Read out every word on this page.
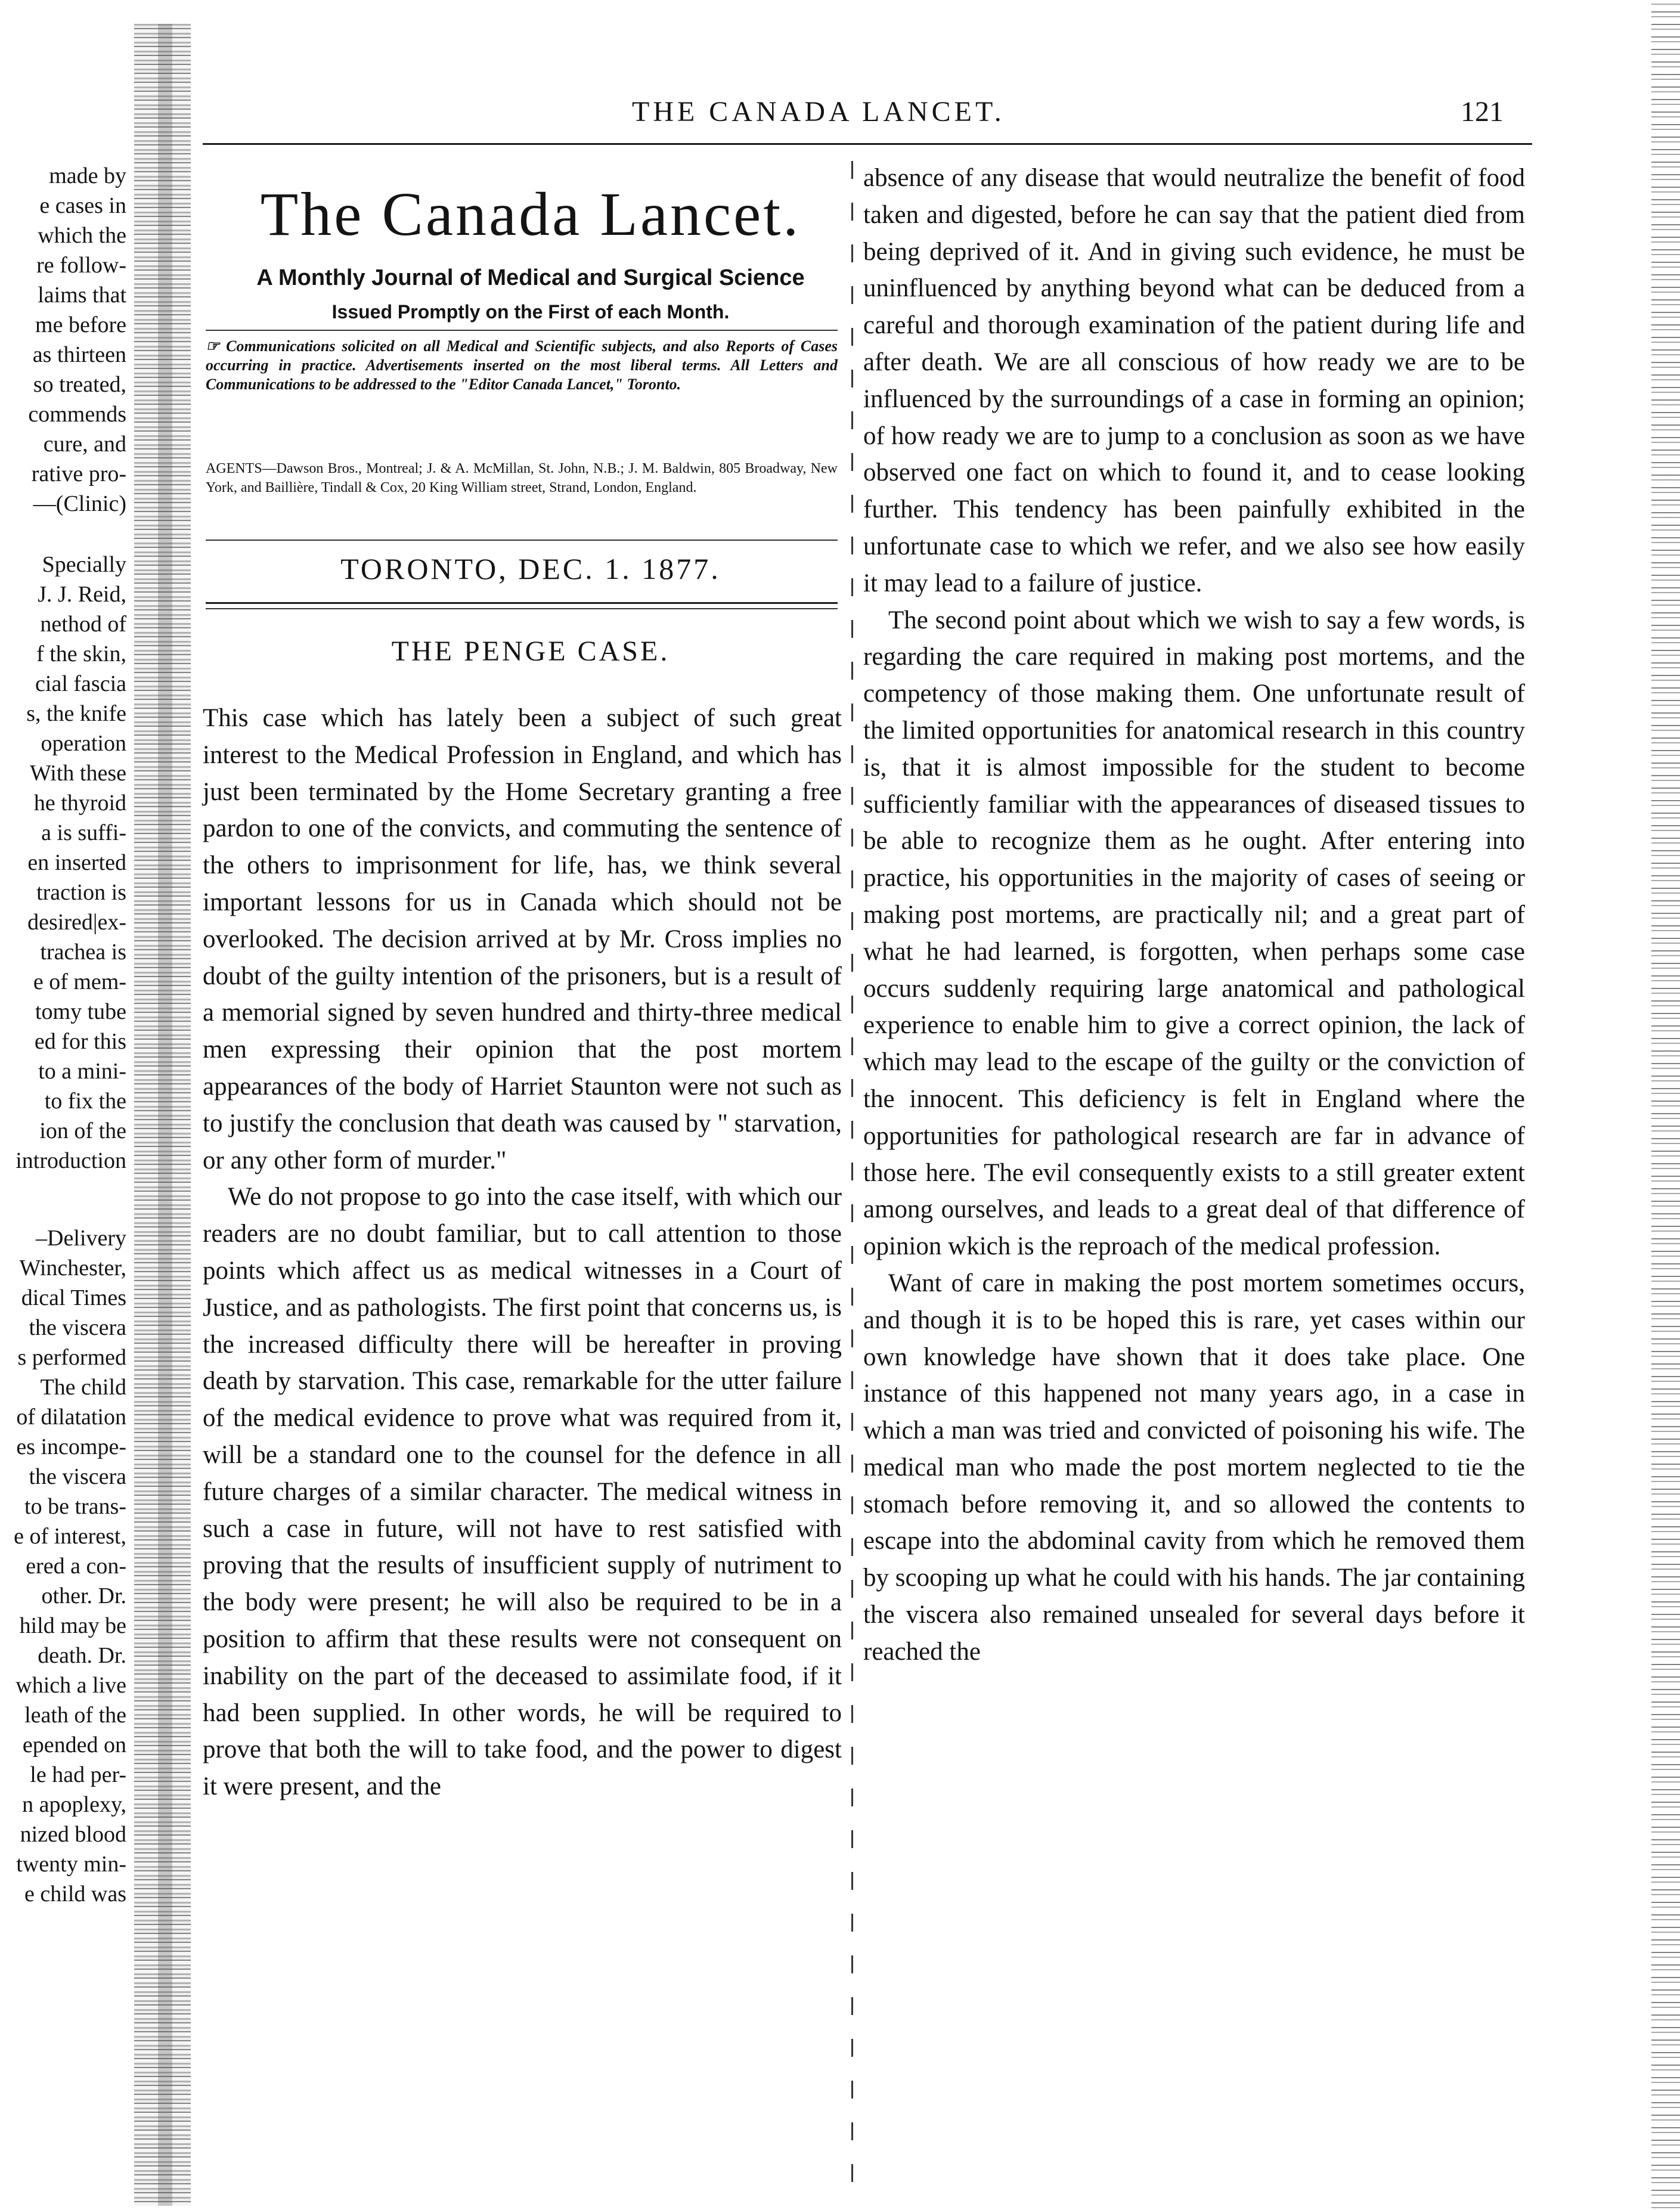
made by
e cases in
which the
re follow-
laims that
me before
as thirteen
so treated,
commends
cure, and
rative pro-
—(Clinic)
Specially
J. J. Reid,
nethod of
f the skin,
cial fascia
s, the knife
operation
With these
he thyroid
a is suffi-
en inserted
traction is
desired|ex-
trachea is
e of mem-
tomy tube
ed for this
to a mini-
to fix the
ion of the
introduction
–Delivery
Winchester,
dical Times
the viscera
s performed
The child
of dilatation
es incompe-
the viscera
to be trans-
e of interest,
ered a con-
other. Dr.
hild may be
death. Dr.
which a live
leath of the
epended on
le had per-
n apoplexy,
nized blood
twenty min-
e child was
THE CANADA LANCET.	121
The Canada Lancet.
A Monthly Journal of Medical and Surgical Science
Issued Promptly on the First of each Month.
☞ Communications solicited on all Medical and Scientific subjects, and also Reports of Cases occurring in practice. Advertisements inserted on the most liberal terms. All Letters and Communications to be addressed to the "Editor Canada Lancet," Toronto.
AGENTS—Dawson Bros., Montreal; J. & A. McMillan, St. John, N.B.; J. M. Baldwin, 805 Broadway, New York, and Baillière, Tindall & Cox, 20 King William street, Strand, London, England.
TORONTO, DEC. 1. 1877.
THE PENGE CASE.

This case which has lately been a subject of such great interest to the Medical Profession in England, and which has just been terminated by the Home Secretary granting a free pardon to one of the convicts, and commuting the sentence of the others to imprisonment for life, has, we think several important lessons for us in Canada which should not be overlooked. The decision arrived at by Mr. Cross implies no doubt of the guilty intention of the prisoners, but is a result of a memorial signed by seven hundred and thirty-three medical men expressing their opinion that the post mortem appearances of the body of Harriet Staunton were not such as to justify the conclusion that death was caused by " starvation, or any other form of murder."

We do not propose to go into the case itself, with which our readers are no doubt familiar, but to call attention to those points which affect us as medical witnesses in a Court of Justice, and as pathologists. The first point that concerns us, is the increased difficulty there will be hereafter in proving death by starvation. This case, remarkable for the utter failure of the medical evidence to prove what was required from it, will be a standard one to the counsel for the defence in all future charges of a similar character. The medical witness in such a case in future, will not have to rest satisfied with proving that the results of insufficient supply of nutriment to the body were present; he will also be required to be in a position to affirm that these results were not consequent on inability on the part of the deceased to assimilate food, if it had been supplied. In other words, he will be required to prove that both the will to take food, and the power to digest it were present, and the

absence of any disease that would neutralize the benefit of food taken and digested, before he can say that the patient died from being deprived of it. And in giving such evidence, he must be uninfluenced by anything beyond what can be deduced from a careful and thorough examination of the patient during life and after death. We are all conscious of how ready we are to be influenced by the surroundings of a case in forming an opinion; of how ready we are to jump to a conclusion as soon as we have observed one fact on which to found it, and to cease looking further. This tendency has been painfully exhibited in the unfortunate case to which we refer, and we also see how easily it may lead to a failure of justice.

The second point about which we wish to say a few words, is regarding the care required in making post mortems, and the competency of those making them. One unfortunate result of the limited opportunities for anatomical research in this country is, that it is almost impossible for the student to become sufficiently familiar with the appearances of diseased tissues to be able to recognize them as he ought. After entering into practice, his opportunities in the majority of cases of seeing or making post mortems, are practically nil; and a great part of what he had learned, is forgotten, when perhaps some case occurs suddenly requiring large anatomical and pathological experience to enable him to give a correct opinion, the lack of which may lead to the escape of the guilty or the conviction of the innocent. This deficiency is felt in England where the opportunities for pathological research are far in advance of those here. The evil consequently exists to a still greater extent among ourselves, and leads to a great deal of that difference of opinion wkich is the reproach of the medical profession.

Want of care in making the post mortem sometimes occurs, and though it is to be hoped this is rare, yet cases within our own knowledge have shown that it does take place. One instance of this happened not many years ago, in a case in which a man was tried and convicted of poisoning his wife. The medical man who made the post mortem neglected to tie the stomach before removing it, and so allowed the contents to escape into the abdominal cavity from which he removed them by scooping up what he could with his hands. The jar containing the viscera also remained unsealed for several days before it reached the
